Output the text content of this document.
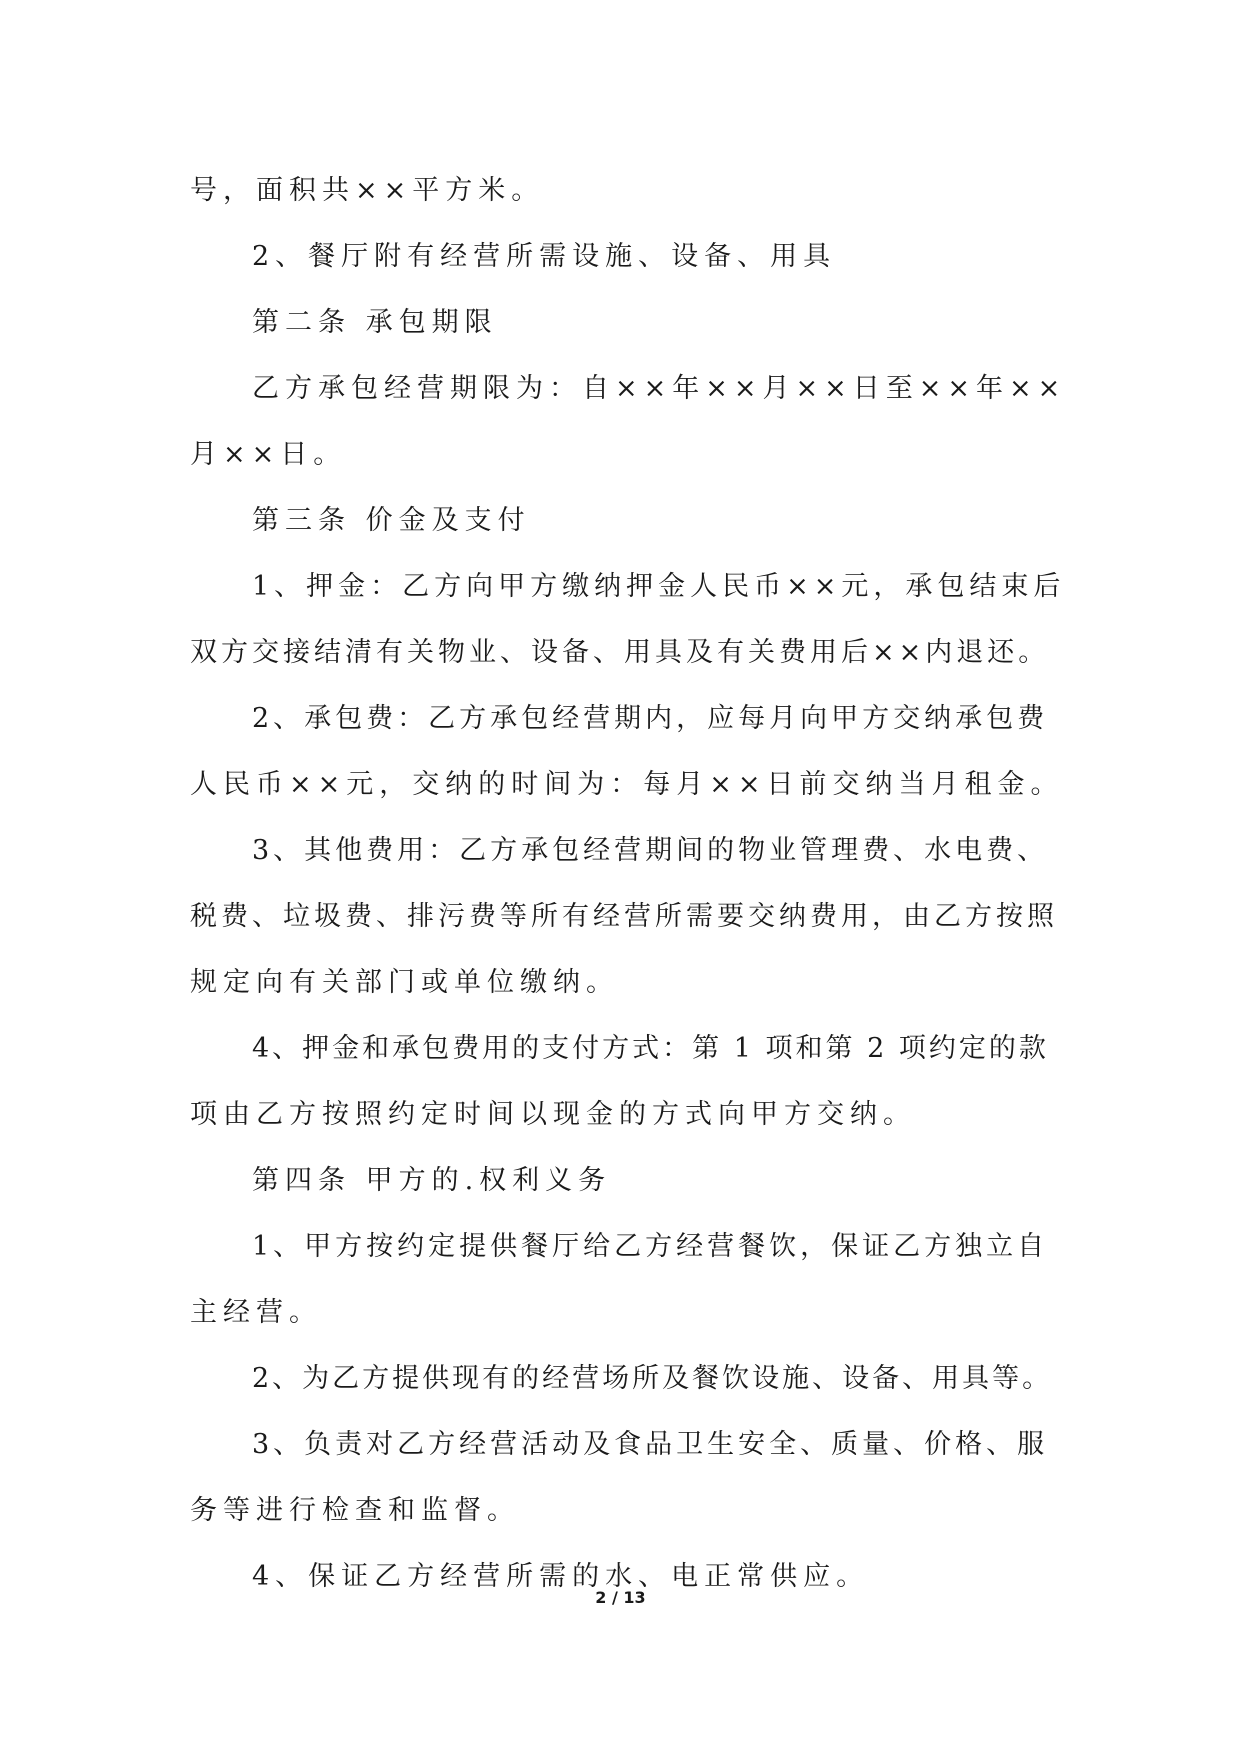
号，面积共××平方米。

2、餐厅附有经营所需设施、设备、用具

第二条 承包期限

乙方承包经营期限为：自××年××月××日至××年××

月××日。

第三条 价金及支付

1、押金：乙方向甲方缴纳押金人民币××元，承包结束后

双方交接结清有关物业、设备、用具及有关费用后××内退还。

2、承包费：乙方承包经营期内，应每月向甲方交纳承包费

人民币××元，交纳的时间为：每月××日前交纳当月租金。

3、其他费用：乙方承包经营期间的物业管理费、水电费、

税费、垃圾费、排污费等所有经营所需要交纳费用，由乙方按照

规定向有关部门或单位缴纳。

4、押金和承包费用的支付方式：第 1 项和第 2 项约定的款

项由乙方按照约定时间以现金的方式向甲方交纳。

第四条 甲方的.权利义务

1、甲方按约定提供餐厅给乙方经营餐饮，保证乙方独立自

主经营。

2、为乙方提供现有的经营场所及餐饮设施、设备、用具等。

3、负责对乙方经营活动及食品卫生安全、质量、价格、服

务等进行检查和监督。

4、保证乙方经营所需的水、电正常供应。

2 / 13
